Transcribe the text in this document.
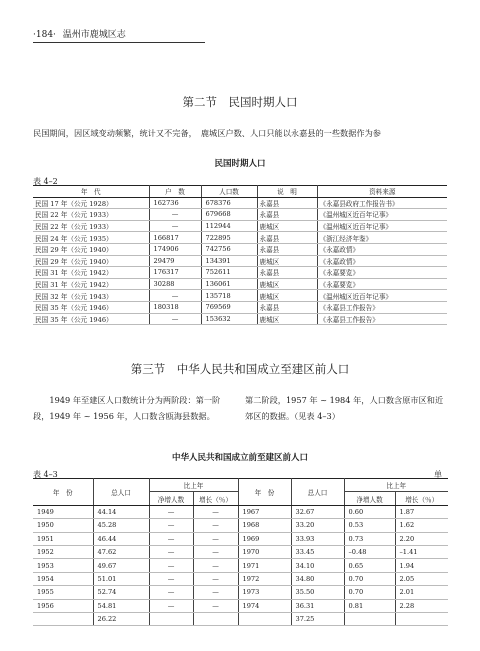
·184· 温州市鹿城区志
第二节　民国时期人口
民国期间，因区域变动频繁，统计又不完备，　鹿城区户数、人口只能以永嘉县的一些数据作为参
民国时期人口
表 4–2
年　代	户　数	人口数	说　明	资料来源
民国 17 年（公元 1928）	162736	678376	永嘉县	《永嘉县政府工作报告书》
民国 22 年（公元 1933）	—	679668	永嘉县	《温州城区近百年记事》
民国 22 年（公元 1933）	—	112944	鹿城区	《温州城区近百年记事》
民国 24 年（公元 1935）	166817	722895	永嘉县	《浙江经济年鉴》
民国 29 年（公元 1940）	174906	742756	永嘉县	《永嘉政情》
民国 29 年（公元 1940）	29479	134391	鹿城区	《永嘉政情》
民国 31 年（公元 1942）	176317	752611	永嘉县	《永嘉要览》
民国 31 年（公元 1942）	30288	136061	鹿城区	《永嘉要览》
民国 32 年（公元 1943）	—	135718	鹿城区	《温州城区近百年记事》
民国 35 年（公元 1946）	180318	769569	永嘉县	《永嘉县工作报告》
民国 35 年（公元 1946）	—	153632	鹿城区	《永嘉县工作报告》
第三节　中华人民共和国成立至建区前人口
1949 年至建区人口数统计分为两阶段：第一阶段，1949 年 ~ 1956 年，人口数含瓯海县数据。
第二阶段，1957 年 ~ 1984 年，人口数含原市区和近郊区的数据。（见表 4–3）
中华人民共和国成立前至建区前人口
表 4–3	单
年　份	总人口	比上年		年　份	总人口	比上年	
		净增人数	增长（％）			净增人数	增长（％）
1949	44.14	—	—	1967	32.67	0.60	1.87
1950	45.28	—	—	1968	33.20	0.53	1.62
1951	46.44	—	—	1969	33.93	0.73	2.20
1952	47.62	—	—	1970	33.45	–0.48	–1.41
1953	49.67	—	—	1971	34.10	0.65	1.94
1954	51.01	—	—	1972	34.80	0.70	2.05
1955	52.74	—	—	1973	35.50	0.70	2.01
1956	54.81	—	—	1974	36.31	0.81	2.28
	26.22				37.25		
